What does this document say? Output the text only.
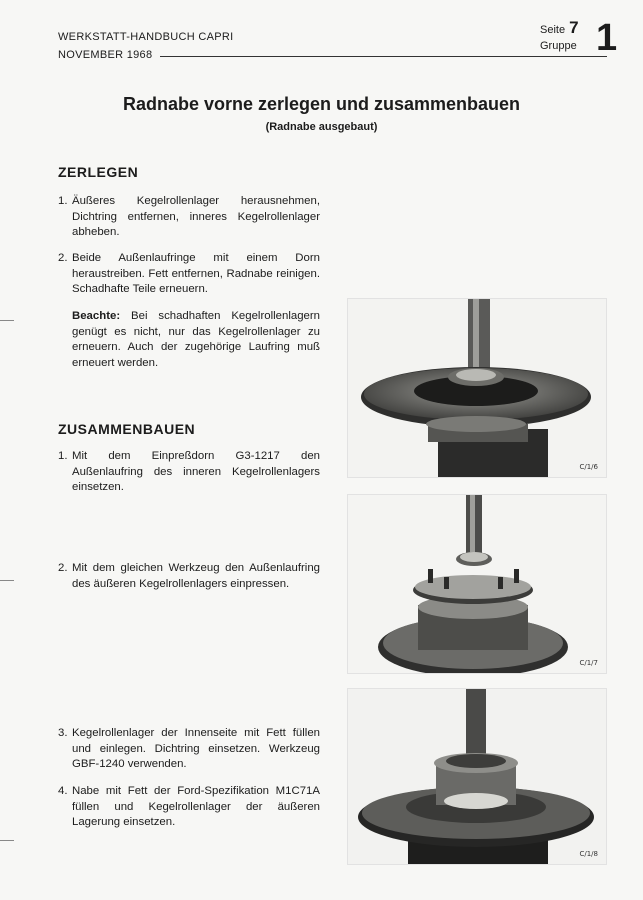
WERKSTATT-HANDBUCH CAPRI
NOVEMBER 1968
Seite 7
Gruppe 1
Radnabe vorne zerlegen und zusammenbauen
(Radnabe ausgebaut)
ZERLEGEN
1. Äußeres Kegelrollenlager herausnehmen, Dichtring entfernen, inneres Kegelrollenlager abheben.
2. Beide Außenlaufringe mit einem Dorn heraustreiben. Fett entfernen, Radnabe reinigen. Schadhafte Teile erneuern.
Beachte: Bei schadhaften Kegelrollenlagern genügt es nicht, nur das Kegelrollenlager zu erneuern. Auch der zugehörige Laufring muß erneuert werden.
ZUSAMMENBAUEN
1. Mit dem Einpreßdorn G3-1217 den Außenlaufring des inneren Kegelrollenlagers einsetzen.
2. Mit dem gleichen Werkzeug den Außenlaufring des äußeren Kegelrollenlagers einpressen.
3. Kegelrollenlager der Innenseite mit Fett füllen und einlegen. Dichtring einsetzen. Werkzeug GBF-1240 verwenden.
4. Nabe mit Fett der Ford-Spezifikation M1C71A füllen und Kegelrollenlager der äußeren Lagerung einsetzen.
C/1/6
C/1/7
C/1/8
